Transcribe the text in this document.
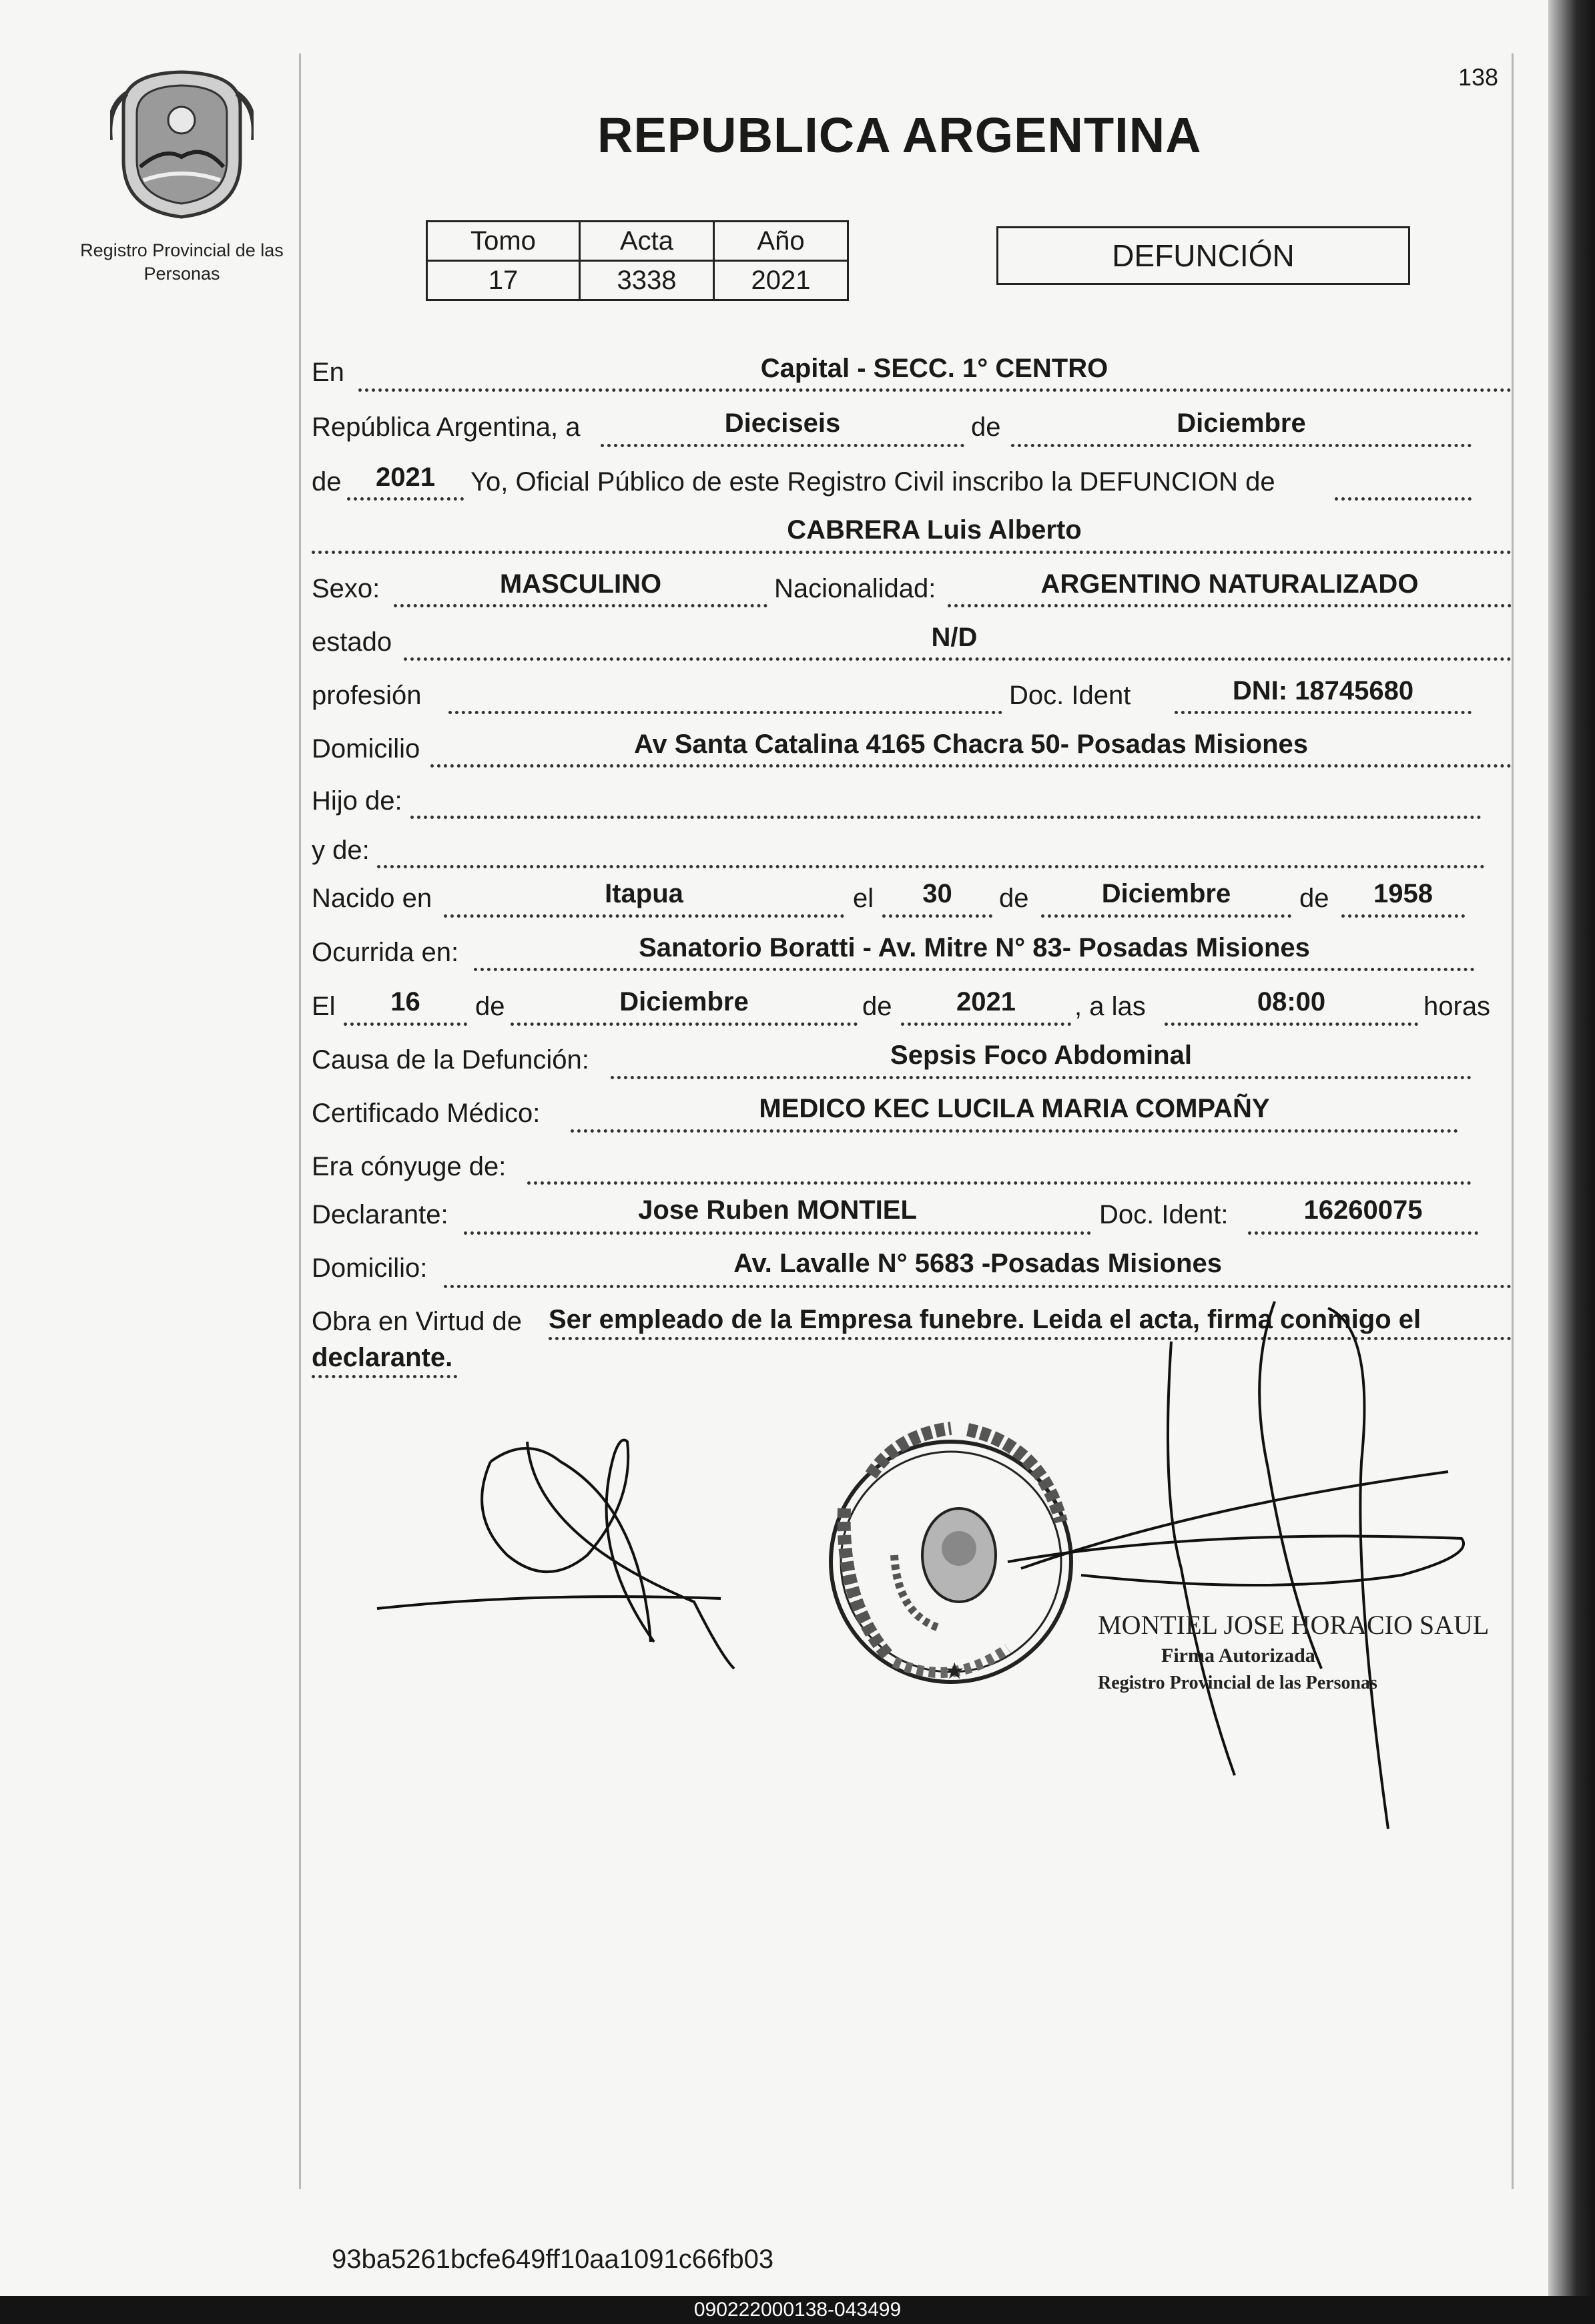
Registro Provincial de las Personas
138
REPUBLICA ARGENTINA
Tomo	Acta	Año
17	3338	2021
DEFUNCIÓN
En	Capital - SECC. 1° CENTRO
República Argentina, a	Dieciseis	de	Diciembre
de	2021	Yo, Oficial Público de este Registro Civil inscribo la DEFUNCION de
CABRERA Luis Alberto
Sexo:	MASCULINO	Nacionalidad:	ARGENTINO NATURALIZADO
estado	N/D
profesión	Doc. Ident	DNI: 18745680
Domicilio	Av Santa Catalina 4165 Chacra 50- Posadas Misiones
Hijo de:
y de:
Nacido en	Itapua	el	30	de	Diciembre	de	1958
Ocurrida en:	Sanatorio Boratti - Av. Mitre N° 83- Posadas Misiones
El	16	de	Diciembre	de	2021	, a las	08:00	horas
Causa de la Defunción:	Sepsis Foco Abdominal
Certificado Médico:	MEDICO KEC LUCILA MARIA COMPAÑY
Era cónyuge de:
Declarante:	Jose Ruben MONTIEL	Doc. Ident:	16260075
Domicilio:	Av. Lavalle N° 5683 -Posadas Misiones
Obra en Virtud de Ser empleado de la Empresa funebre. Leida el acta, firma conmigo el
declarante.
★
MONTIEL JOSE HORACIO SAUL
Firma Autorizada
Registro Provincial de las Personas
93ba5261bcfe649ff10aa1091c66fb03
090222000138-043499
